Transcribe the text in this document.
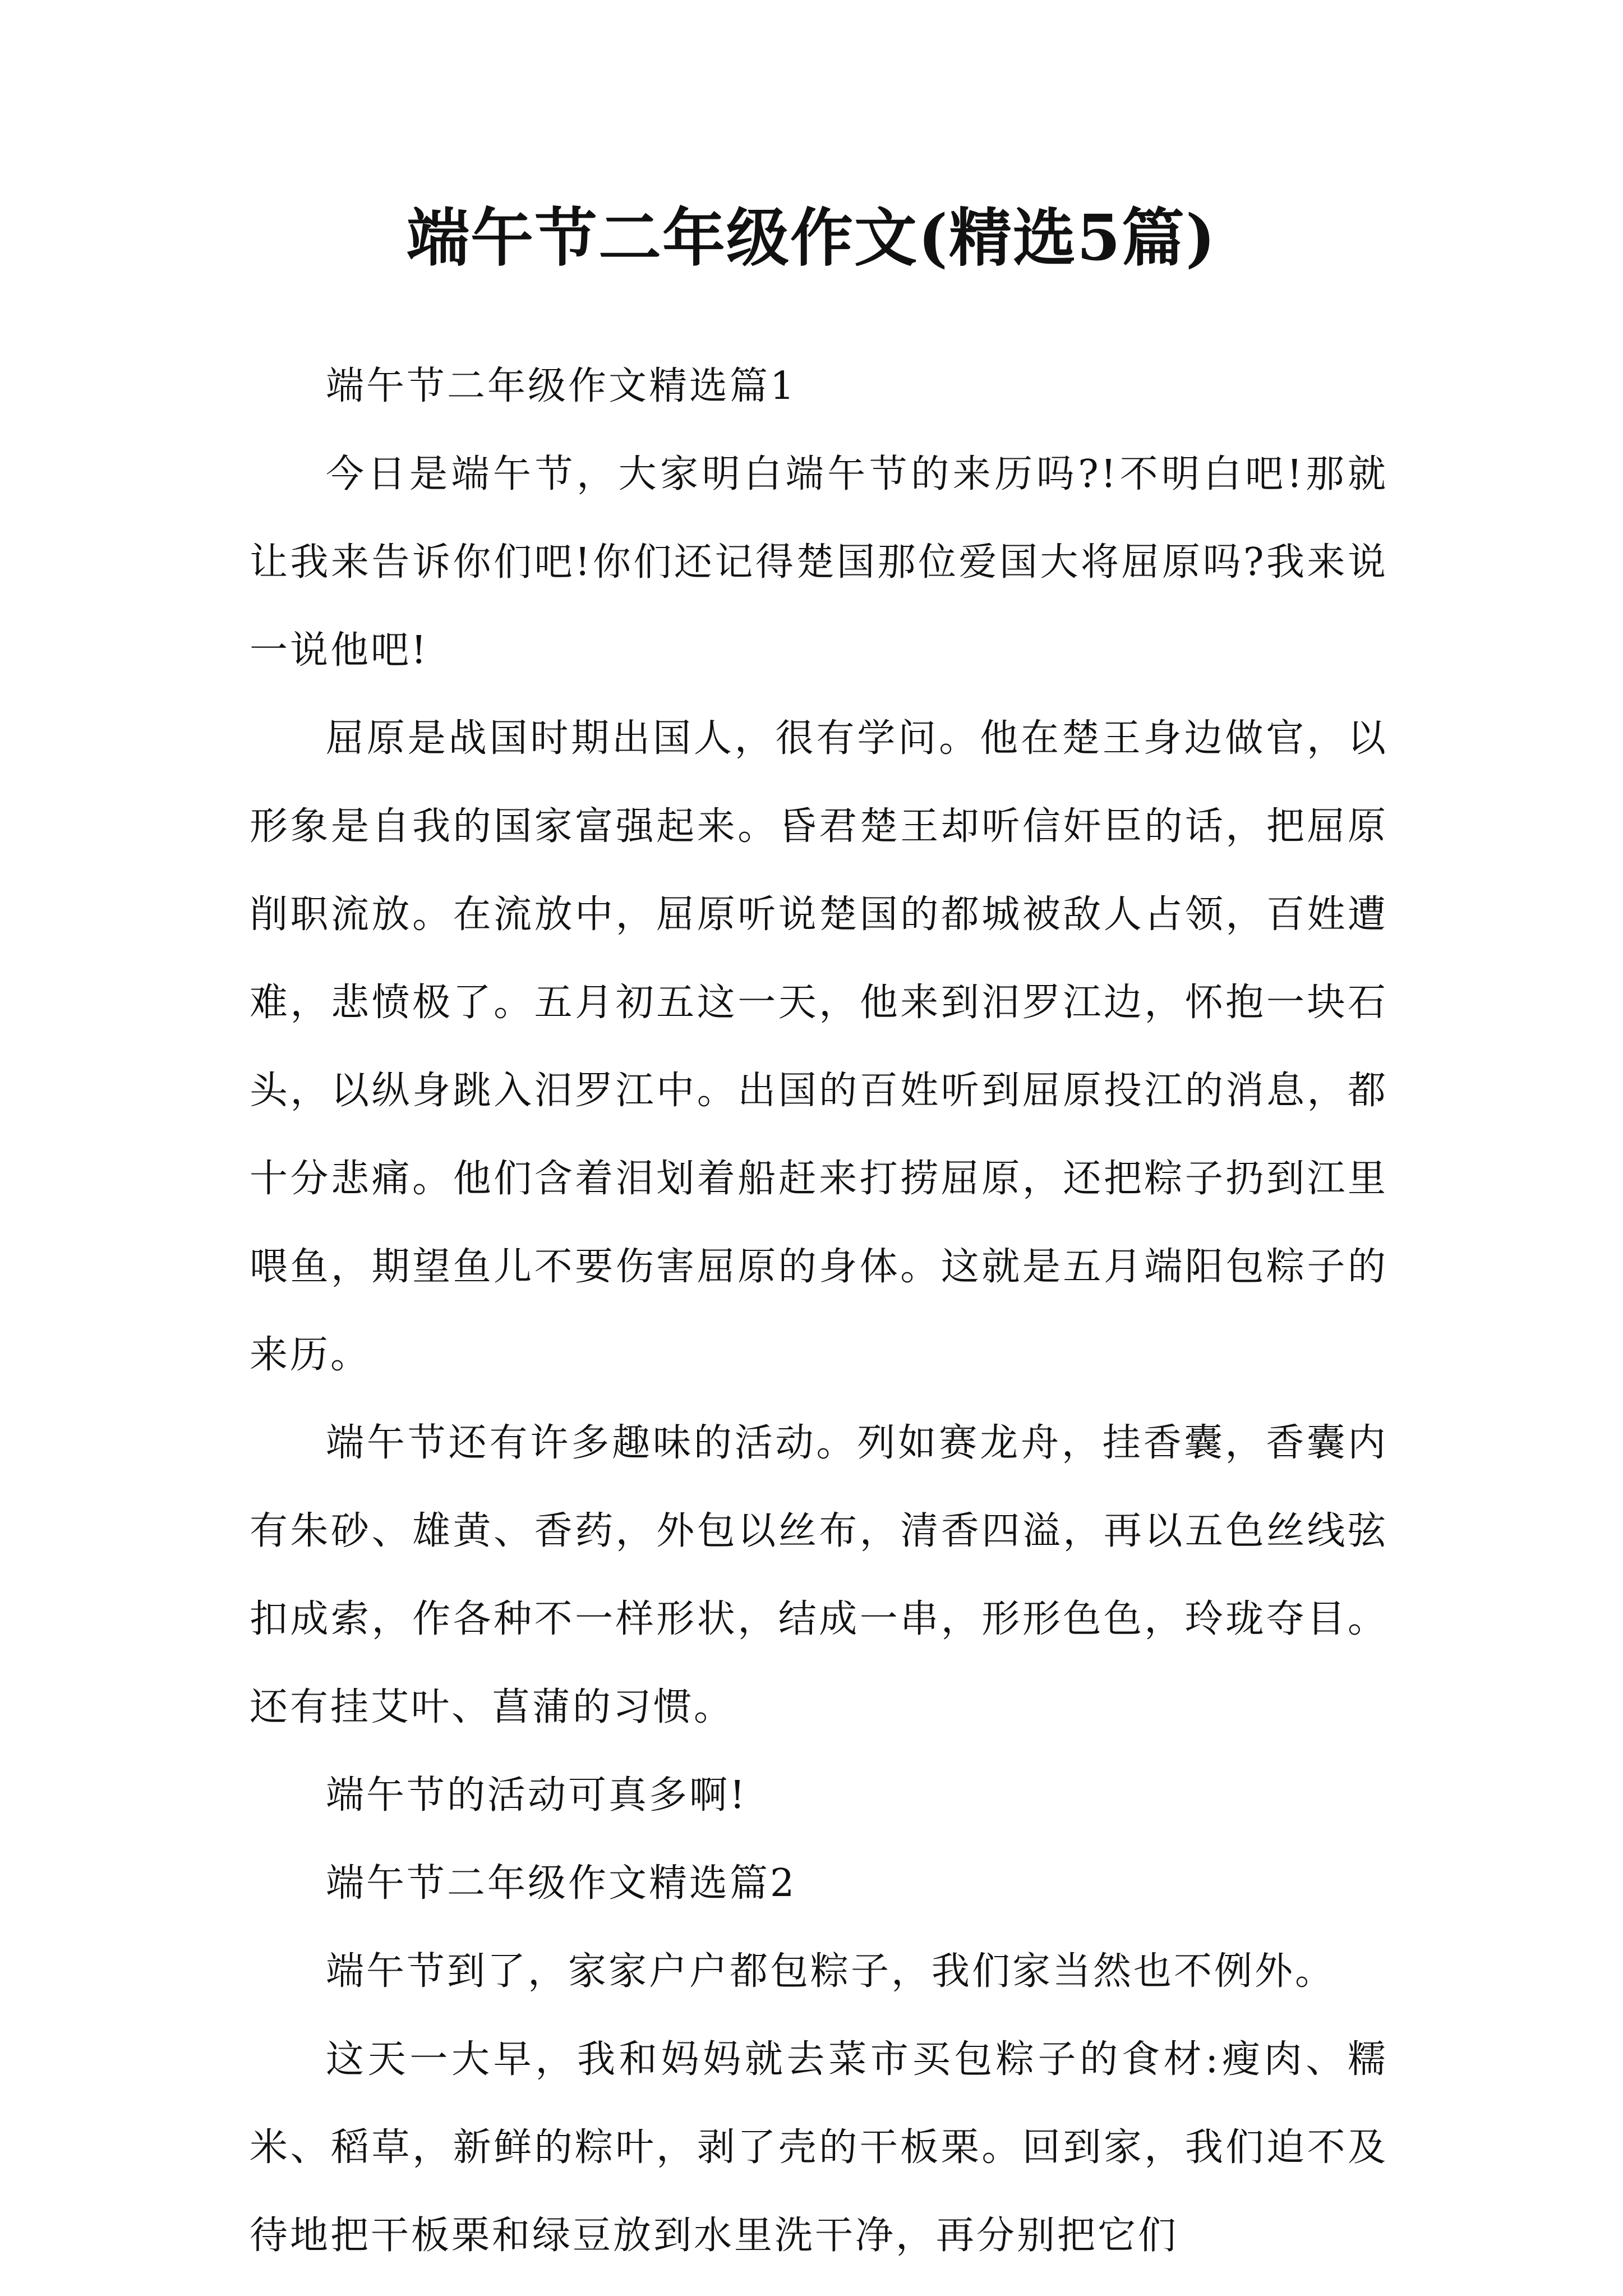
端午节二年级作文(精选5篇)

端午节二年级作文精选篇1

今日是端午节，大家明白端午节的来历吗?!不明白吧!那就让我来告诉你们吧!你们还记得楚国那位爱国大将屈原吗?我来说一说他吧!

屈原是战国时期出国人，很有学问。他在楚王身边做官，以形象是自我的国家富强起来。昏君楚王却听信奸臣的话，把屈原削职流放。在流放中，屈原听说楚国的都城被敌人占领，百姓遭难，悲愤极了。五月初五这一天，他来到汨罗江边，怀抱一块石头，以纵身跳入汨罗江中。出国的百姓听到屈原投江的消息，都十分悲痛。他们含着泪划着船赶来打捞屈原，还把粽子扔到江里喂鱼，期望鱼儿不要伤害屈原的身体。这就是五月端阳包粽子的来历。

端午节还有许多趣味的活动。列如赛龙舟，挂香囊，香囊内有朱砂、雄黄、香药，外包以丝布，清香四溢，再以五色丝线弦扣成索，作各种不一样形状，结成一串，形形色色，玲珑夺目。还有挂艾叶、菖蒲的习惯。

端午节的活动可真多啊!

端午节二年级作文精选篇2

端午节到了，家家户户都包粽子，我们家当然也不例外。

这天一大早，我和妈妈就去菜市买包粽子的食材:瘦肉、糯米、稻草，新鲜的粽叶，剥了壳的干板栗。回到家，我们迫不及待地把干板栗和绿豆放到水里洗干净，再分别把它们
